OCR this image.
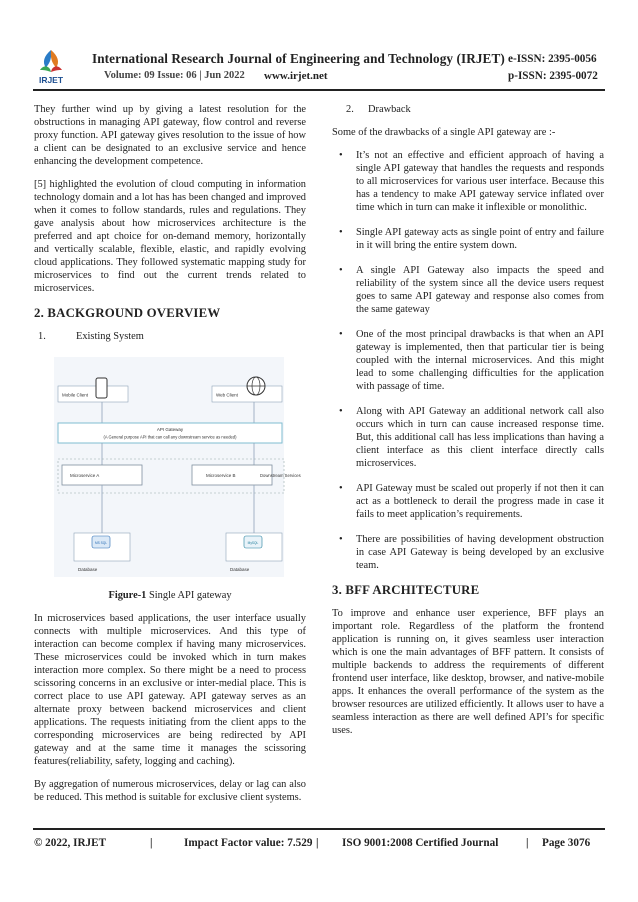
IRJET
International Research Journal of Engineering and Technology (IRJET) e-ISSN: 2395-0056
Volume: 09 Issue: 06 | Jun 2022 www.irjet.net	p-ISSN: 2395-0072

They further wind up by giving a latest resolution for the obstructions in managing API gateway, flow control and reverse proxy function. API gateway gives resolution to the issue of how a client can be designated to an exclusive service and hence enhancing the development competence.

[5] highlighted the evolution of cloud computing in information technology domain and a lot has has been changed and improved when it comes to follow standards, rules and regulations. They gave analysis about how microservices architecture is the preferred and apt choice for on-demand memory, horizontally and vertically scalable, flexible, elastic, and rapidly evolving cloud applications. They followed systematic mapping study for microservices to find out the current trends related to microservices.

2. BACKGROUND OVERVIEW
1.	Existing System
Mobile Client	Web Client
API Gateway
(A General purpose API that can call any downstream service as needed)
Microservice A	Microservice B	Downstream Services
MS SQL
Database
MySQL
Database
Figure-1 Single API gateway

In microservices based applications, the user interface usually connects with multiple microservices. And this type of interaction can become complex if having many microservices. These microservices could be invoked which in turn makes interaction more complex. So there might be a need to process scissoring concerns in an exclusive or inter-medial place. This is correct place to use API gateway. API gateway serves as an alternate proxy between backend microservices and client applications. The requests initiating from the client apps to the corresponding microservices are being redirected by API gateway and at the same time it manages the scissoring features(reliability, safety, logging and caching).

By aggregation of numerous microservices, delay or lag can also be reduced. This method is suitable for exclusive client systems.

2. Drawback

Some of the drawbacks of a single API gateway are :-

• It’s not an effective and efficient approach of having a single API gateway that handles the requests and responds to all microservices for various user interface. Because this has a tendency to make API gateway service inflated over time which in turn can make it inflexible or monolithic.
• Single API gateway acts as single point of entry and failure in it will bring the entire system down.
• A single API Gateway also impacts the speed and reliability of the system since all the device users request goes to same API gateway and response also comes from the same gateway
• One of the most principal drawbacks is that when an API gateway is implemented, then that particular tier is being coupled with the internal microservices. And this might lead to some challenging difficulties for the application with passage of time.
• Along with API Gateway an additional network call also occurs which in turn can cause increased response time. But, this additional call has less implications than having a client interface as this client interface directly calls microservices.
• API Gateway must be scaled out properly if not then it can act as a bottleneck to derail the progress made in case it fails to meet application’s requirements.
• There are possibilities of having development obstruction in case API Gateway is being developed by an exclusive team.
3. BFF ARCHITECTURE

To improve and enhance user experience, BFF plays an important role. Regardless of the platform the frontend application is running on, it gives seamless user interaction which is one the main advantages of BFF pattern. It consists of multiple backends to address the requirements of different frontend user interface, like desktop, browser, and native-mobile apps. It enhances the overall performance of the system as the browser resources are utilized efficiently. It allows user to have a seamless interaction as there are well defined API’s for specific uses.

© 2022, IRJET	|	Impact Factor value: 7.529 | ISO 9001:2008 Certified Journal | Page 3076
